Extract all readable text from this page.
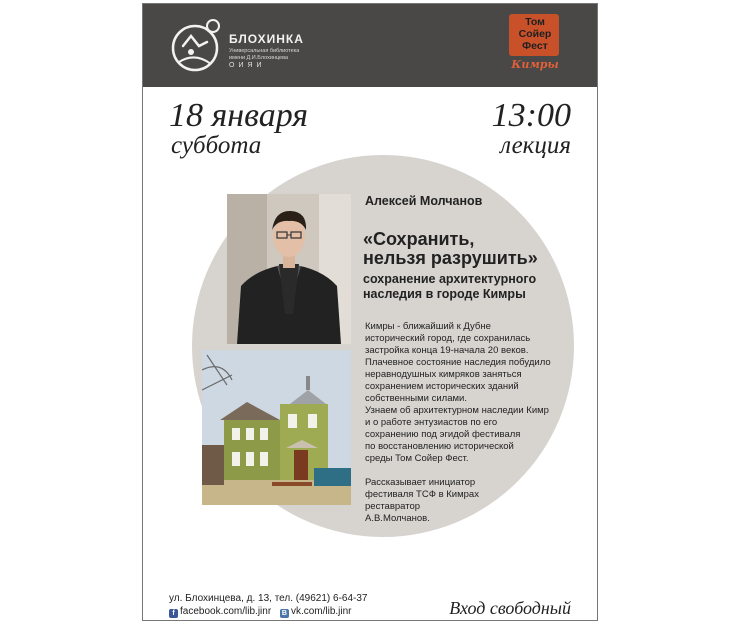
БЛОХИНКА
Универсальная библиотека
имени Д.И.Блохинцева
ОИЯИ
Том
Сойер
Фест
Кимры
18 января
суббота
13:00
лекция
Алексей Молчанов
«Сохранить,
нельзя разрушить»
сохранение архитектурного
наследия в городе Кимры
Кимры - ближайший к Дубне
исторический город, где сохранилась
застройка конца 19-начала 20 веков.
Плачевное состояние наследия побудило
неравнодушных кимряков заняться
сохранением исторических зданий
собственными силами.
Узнаем об архитектурном наследии Кимр
и о работе энтузиастов по его
сохранению под эгидой фестиваля
по восстановлению исторической
среды Том Сойер Фест.

Рассказывает инициатор
фестиваля ТСФ в Кимрах
реставратор
А.В.Молчанов.
ул. Блохинцева, д. 13, тел. (49621) 6-64-37
f facebook.com/lib.jinr В vk.com/lib.jinr	Вход свободный
